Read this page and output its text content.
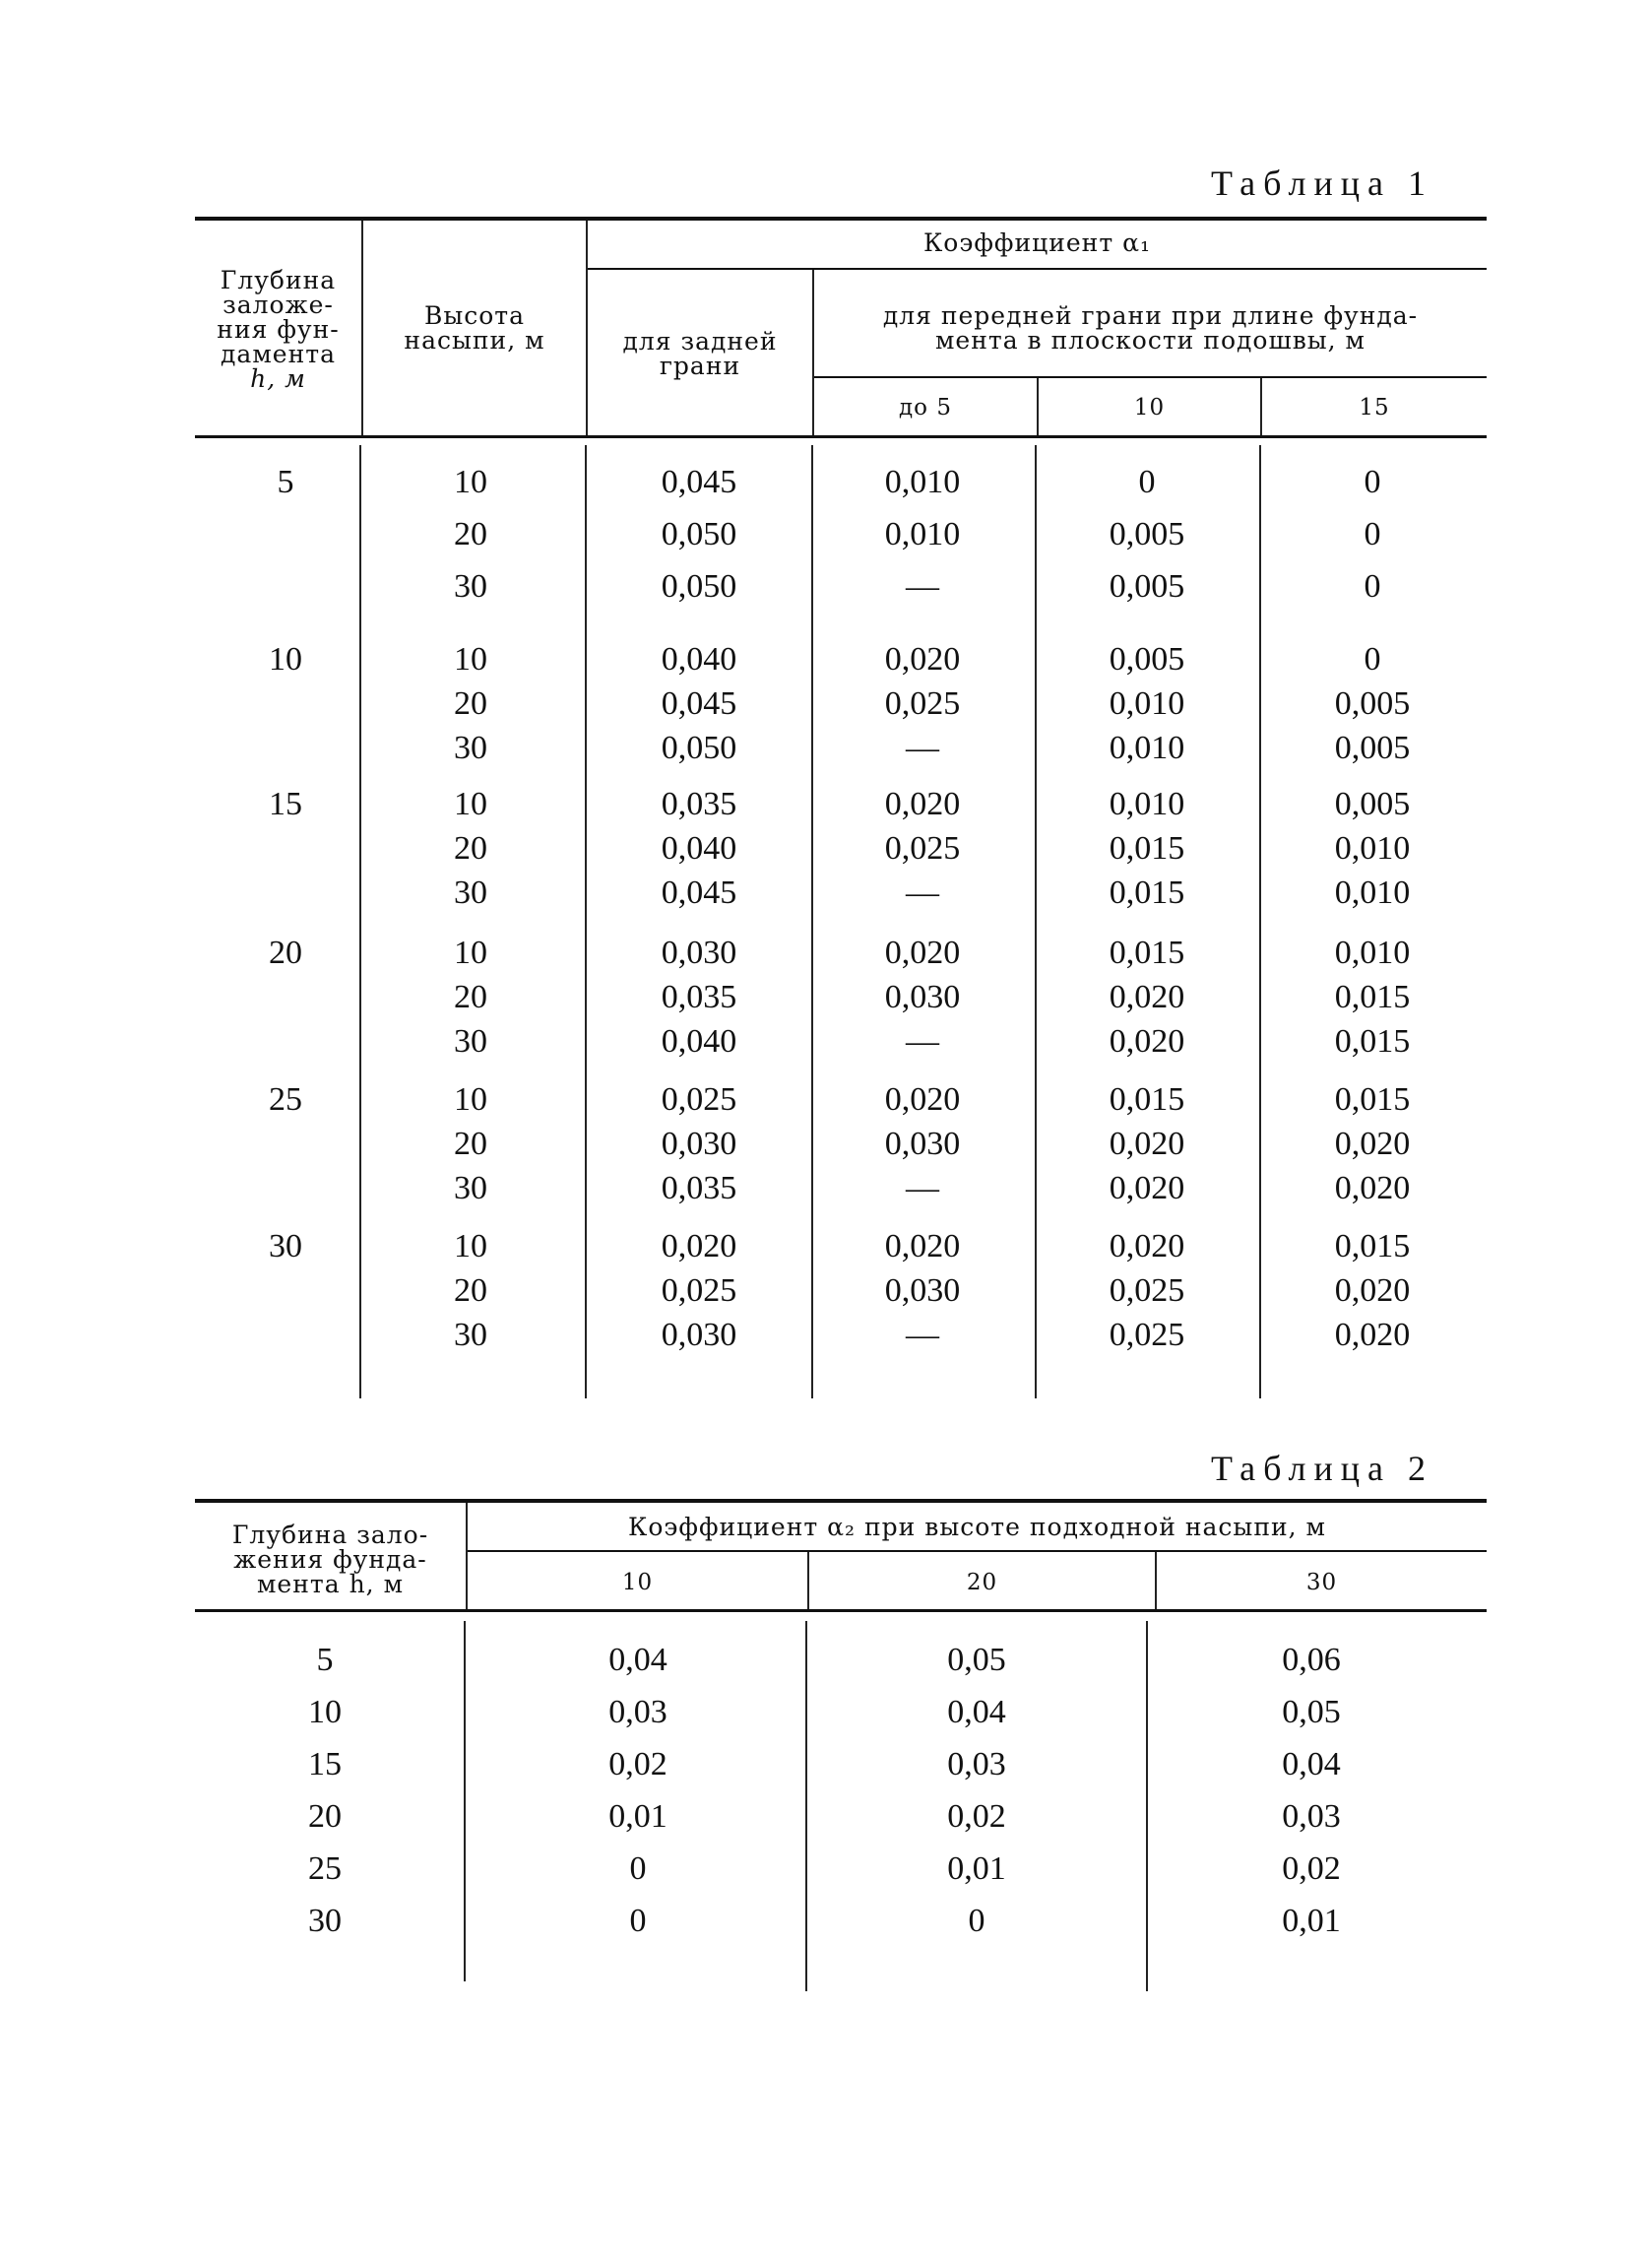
Таблица 1
Глубина
заложе-
ния фун-
дамента
h, м
Высота
насыпи, м
Коэффициент α₁
для задней
грани
для передней грани при длине фунда-
мента в плоскости подошвы, м
до 5	10	15
5	10	0,045	0,010	0	0
20	0,050	0,010	0,005	0
30	0,050	—	0,005	0
10	10	0,040	0,020	0,005	0
20	0,045	0,025	0,010	0,005
30	0,050	—	0,010	0,005
15	10	0,035	0,020	0,010	0,005
20	0,040	0,025	0,015	0,010
30	0,045	—	0,015	0,010
20	10	0,030	0,020	0,015	0,010
20	0,035	0,030	0,020	0,015
30	0,040	—	0,020	0,015
25	10	0,025	0,020	0,015	0,015
20	0,030	0,030	0,020	0,020
30	0,035	—	0,020	0,020
30	10	0,020	0,020	0,020	0,015
20	0,025	0,030	0,025	0,020
30	0,030	—	0,025	0,020
Таблица 2
Глубина зало-
жения фунда-
мента h, м
Коэффициент α₂ при высоте подходной насыпи, м
10	20	30
5	0,04	0,05	0,06
10	0,03	0,04	0,05
15	0,02	0,03	0,04
20	0,01	0,02	0,03
25	0	0,01	0,02
30	0	0	0,01
